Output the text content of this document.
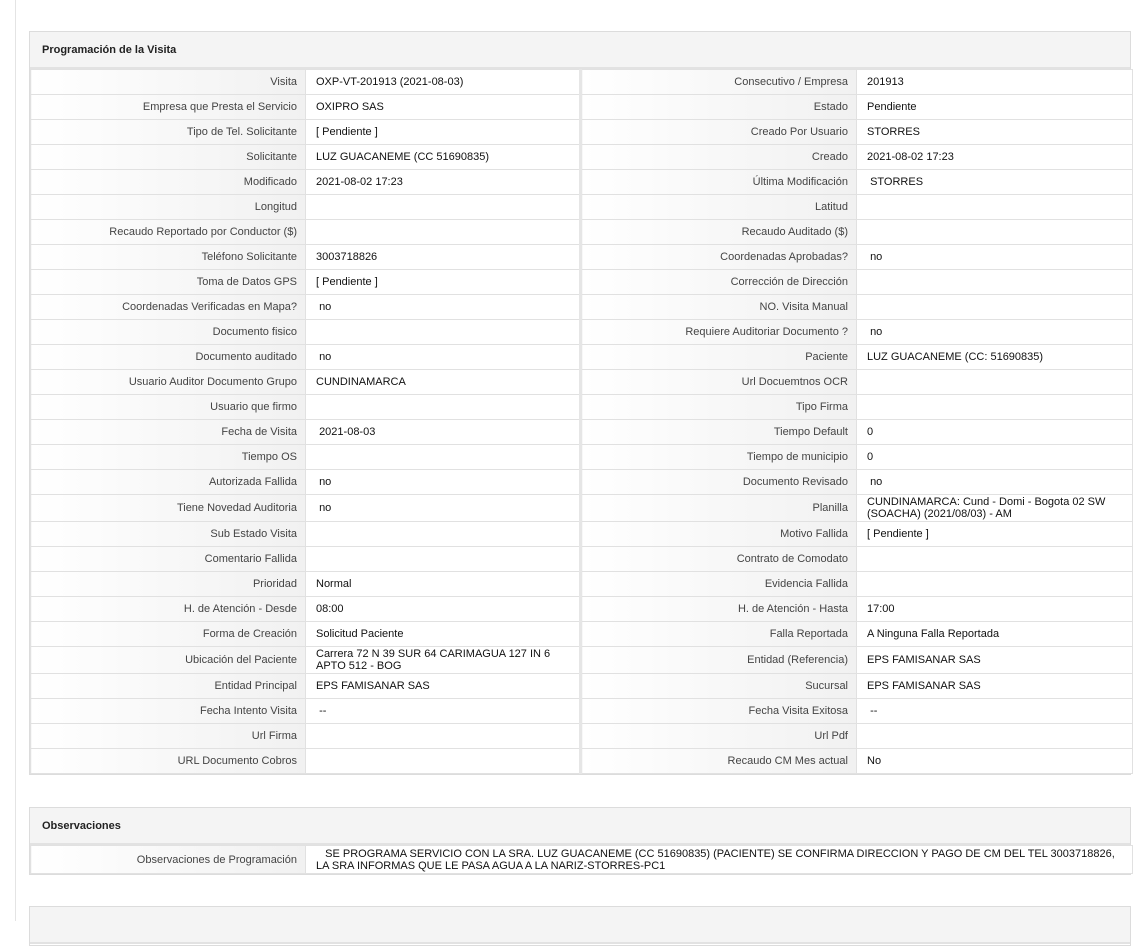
Programación de la Visita
Visita	OXP-VT-201913 (2021-08-03)	Consecutivo / Empresa	201913
Empresa que Presta el Servicio	OXIPRO SAS	Estado	Pendiente
Tipo de Tel. Solicitante	[ Pendiente ]	Creado Por Usuario	STORRES
Solicitante	LUZ GUACANEME (CC 51690835)	Creado	2021-08-02 17:23
Modificado	2021-08-02 17:23	Última Modificación	STORRES
Longitud		Latitud	
Recaudo Reportado por Conductor ($)		Recaudo Auditado ($)	
Teléfono Solicitante	3003718826	Coordenadas Aprobadas?	no
Toma de Datos GPS	[ Pendiente ]	Corrección de Dirección	
Coordenadas Verificadas en Mapa?	no	NO. Visita Manual	
Documento fisico		Requiere Auditoriar Documento ?	no
Documento auditado	no	Paciente	LUZ GUACANEME (CC: 51690835)
Usuario Auditor Documento Grupo	CUNDINAMARCA	Url Docuemtnos OCR	
Usuario que firmo		Tipo Firma	
Fecha de Visita	2021-08-03	Tiempo Default	0
Tiempo OS		Tiempo de municipio	0
Autorizada Fallida	no	Documento Revisado	no
Tiene Novedad Auditoria	no	Planilla	CUNDINAMARCA: Cund - Domi - Bogota 02 SW (SOACHA) (2021/08/03) - AM
Sub Estado Visita		Motivo Fallida	[ Pendiente ]
Comentario Fallida		Contrato de Comodato	
Prioridad	Normal	Evidencia Fallida	
H. de Atención - Desde	08:00	H. de Atención - Hasta	17:00
Forma de Creación	Solicitud Paciente	Falla Reportada	A Ninguna Falla Reportada
Ubicación del Paciente	Carrera 72 N 39 SUR 64 CARIMAGUA 127 IN 6 APTO 512 - BOG	Entidad (Referencia)	EPS FAMISANAR SAS
Entidad Principal	EPS FAMISANAR SAS	Sucursal	EPS FAMISANAR SAS
Fecha Intento Visita	--	Fecha Visita Exitosa	--
Url Firma		Url Pdf	
URL Documento Cobros		Recaudo CM Mes actual	No
Observaciones
Observaciones de Programación	SE PROGRAMA SERVICIO CON LA SRA. LUZ GUACANEME (CC 51690835) (PACIENTE) SE CONFIRMA DIRECCION Y PAGO DE CM DEL TEL 3003718826, LA SRA INFORMAS QUE LE PASA AGUA A LA NARIZ-STORRES-PC1
